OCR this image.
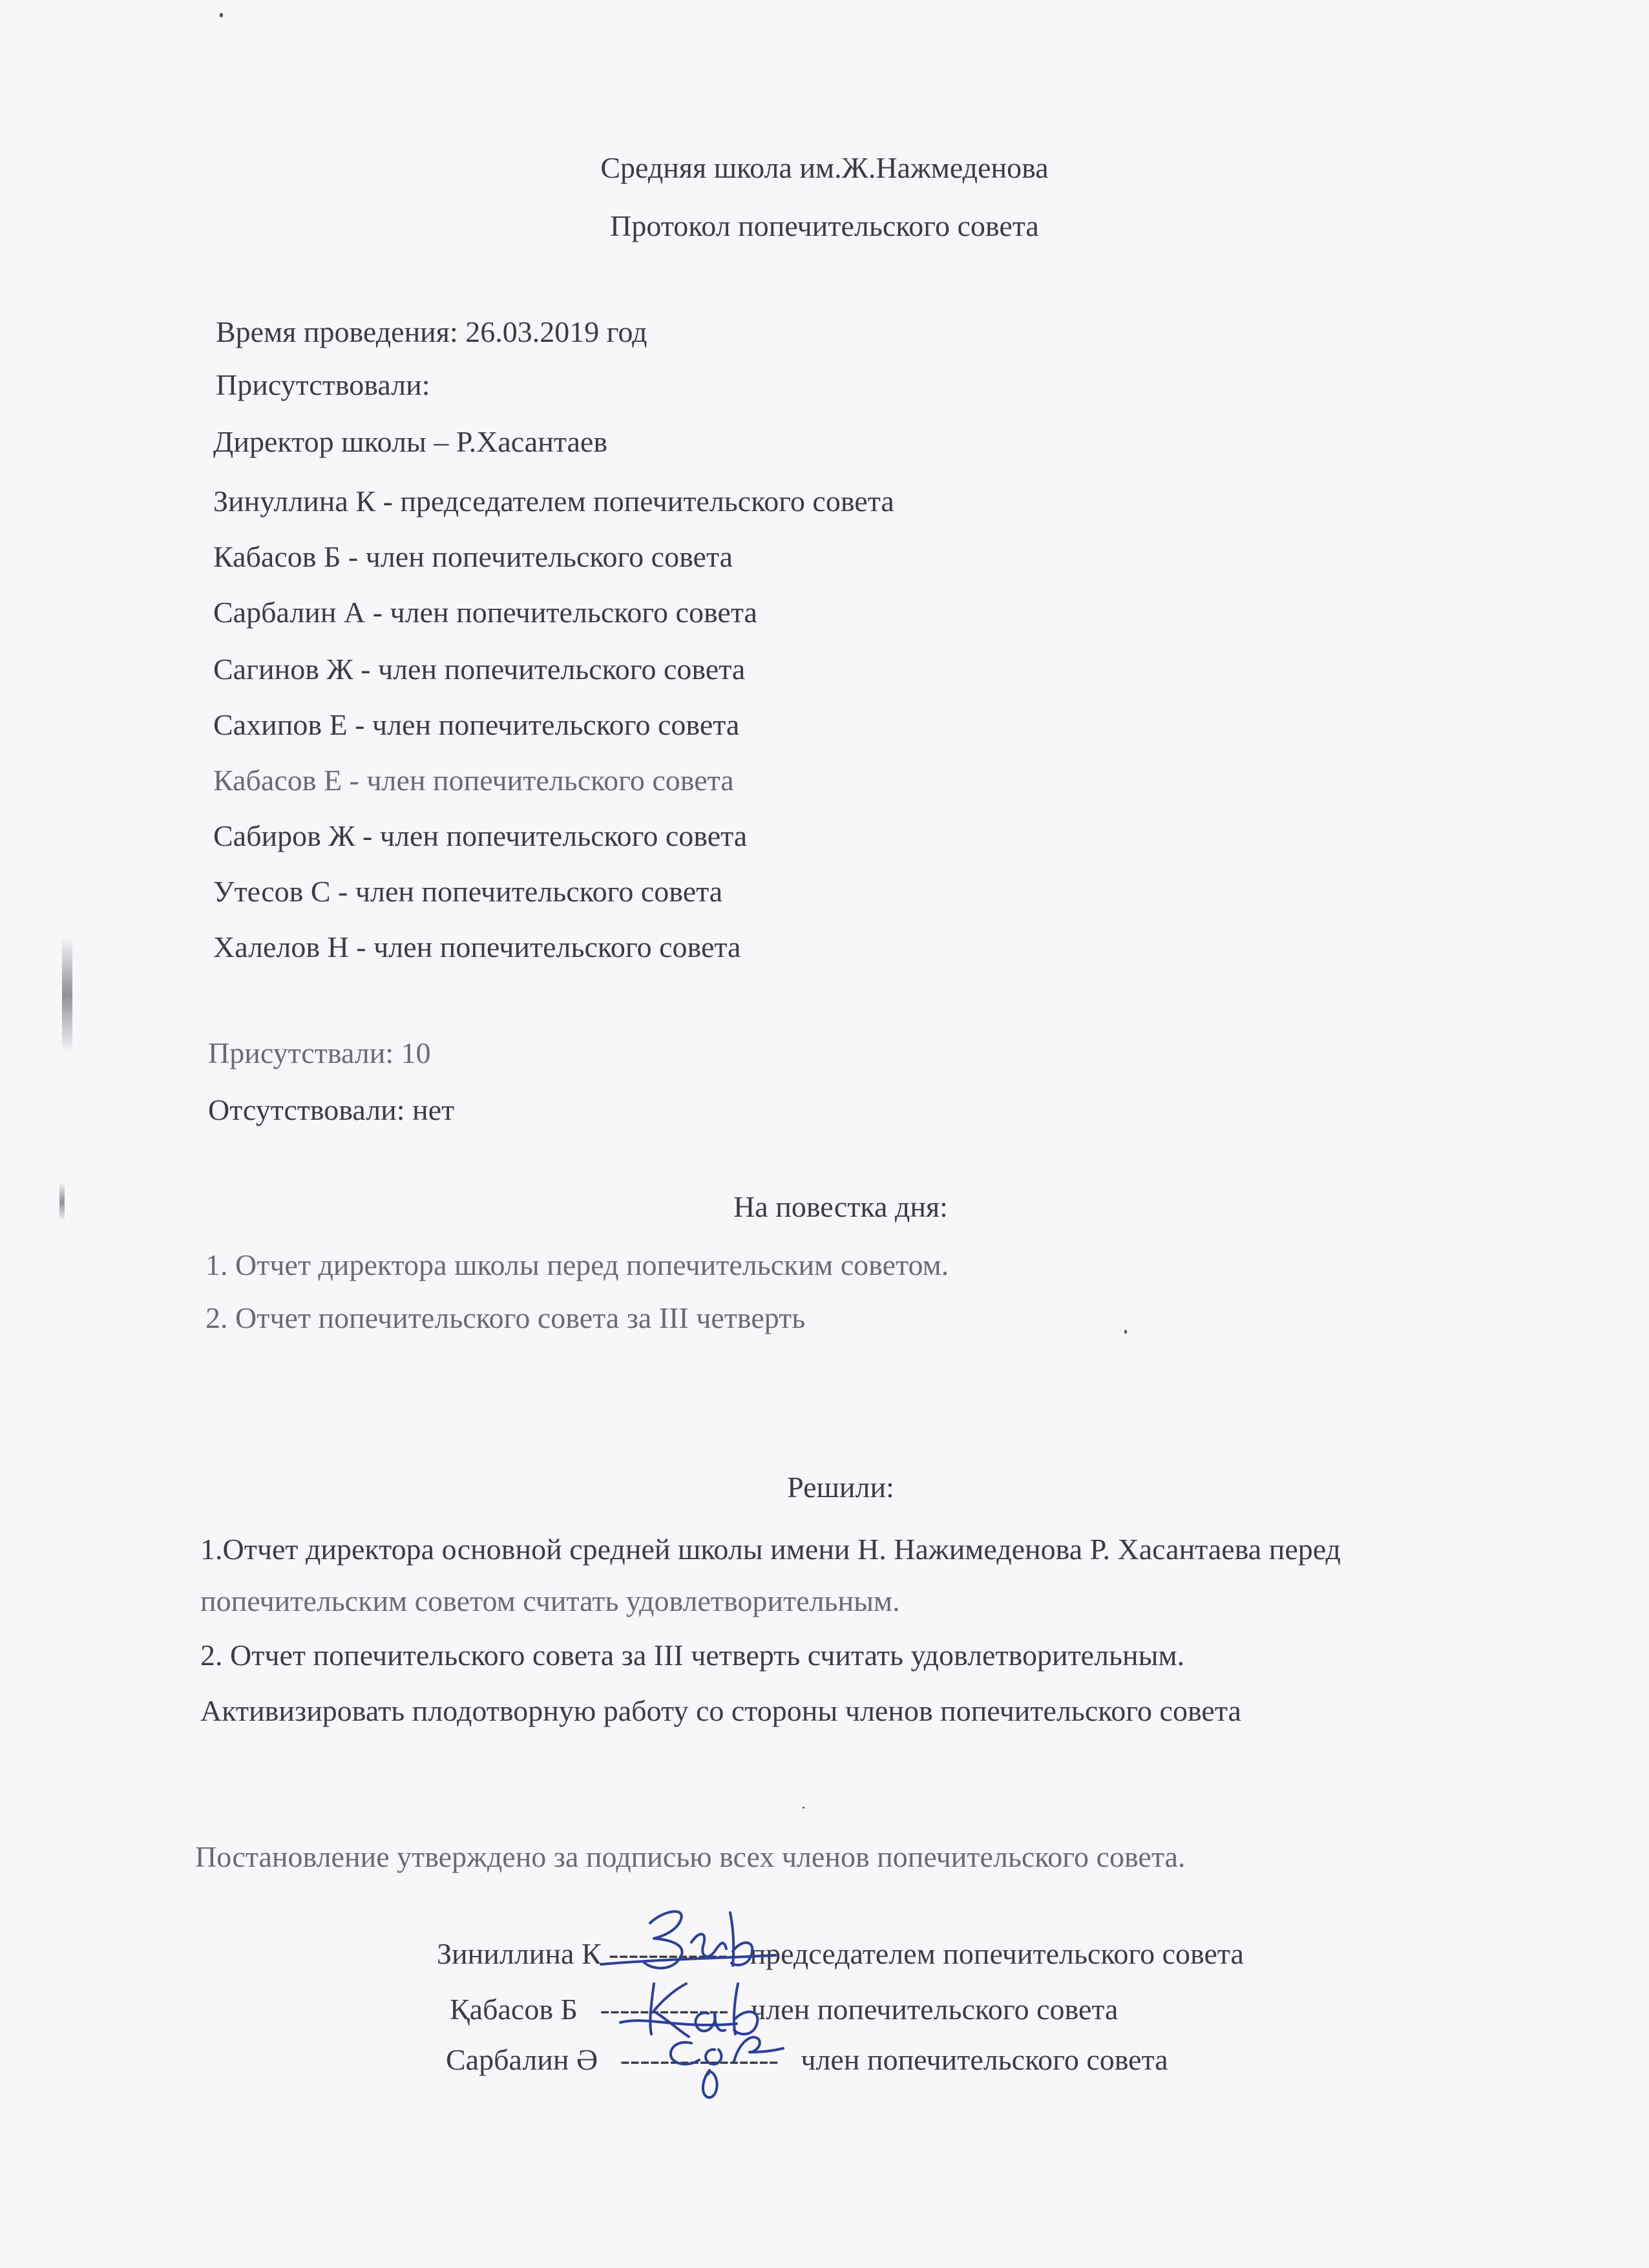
Средняя школа им.Ж.Нажмеденова
Протокол попечительского совета
Время проведения: 26.03.2019 год
Присутствовали:
Директор школы – Р.Хасантаев
Зинуллина К - председателем попечительского совета
Кабасов Б - член попечительского совета
Сарбалин А - член попечительского совета
Сагинов Ж - член попечительского совета
Сахипов Е - член попечительского совета
Кабасов Е - член попечительского совета
Сабиров Ж - член попечительского совета
Утесов С - член попечительского совета
Халелов Н - член попечительского совета
Присутствали: 10
Отсутствовали: нет
На повестка дня:
1. Отчет директора школы перед попечительским советом.
2. Отчет попечительского совета за III четверть
Решили:
1.Отчет директора основной средней школы имени Н. Нажимеденова Р. Хасантаева перед
попечительским советом считать удовлетворительным.
2. Отчет попечительского совета за III четверть считать удовлетворительным.
Активизировать плодотворную работу со стороны членов попечительского совета
Постановление утверждено за подписью всех членов попечительского совета.
Зиниллина К ------------ председателем попечительского совета
Қабасов Б ------------- член попечительского совета
Сарбалин Ә ---------------- член попечительского совета
